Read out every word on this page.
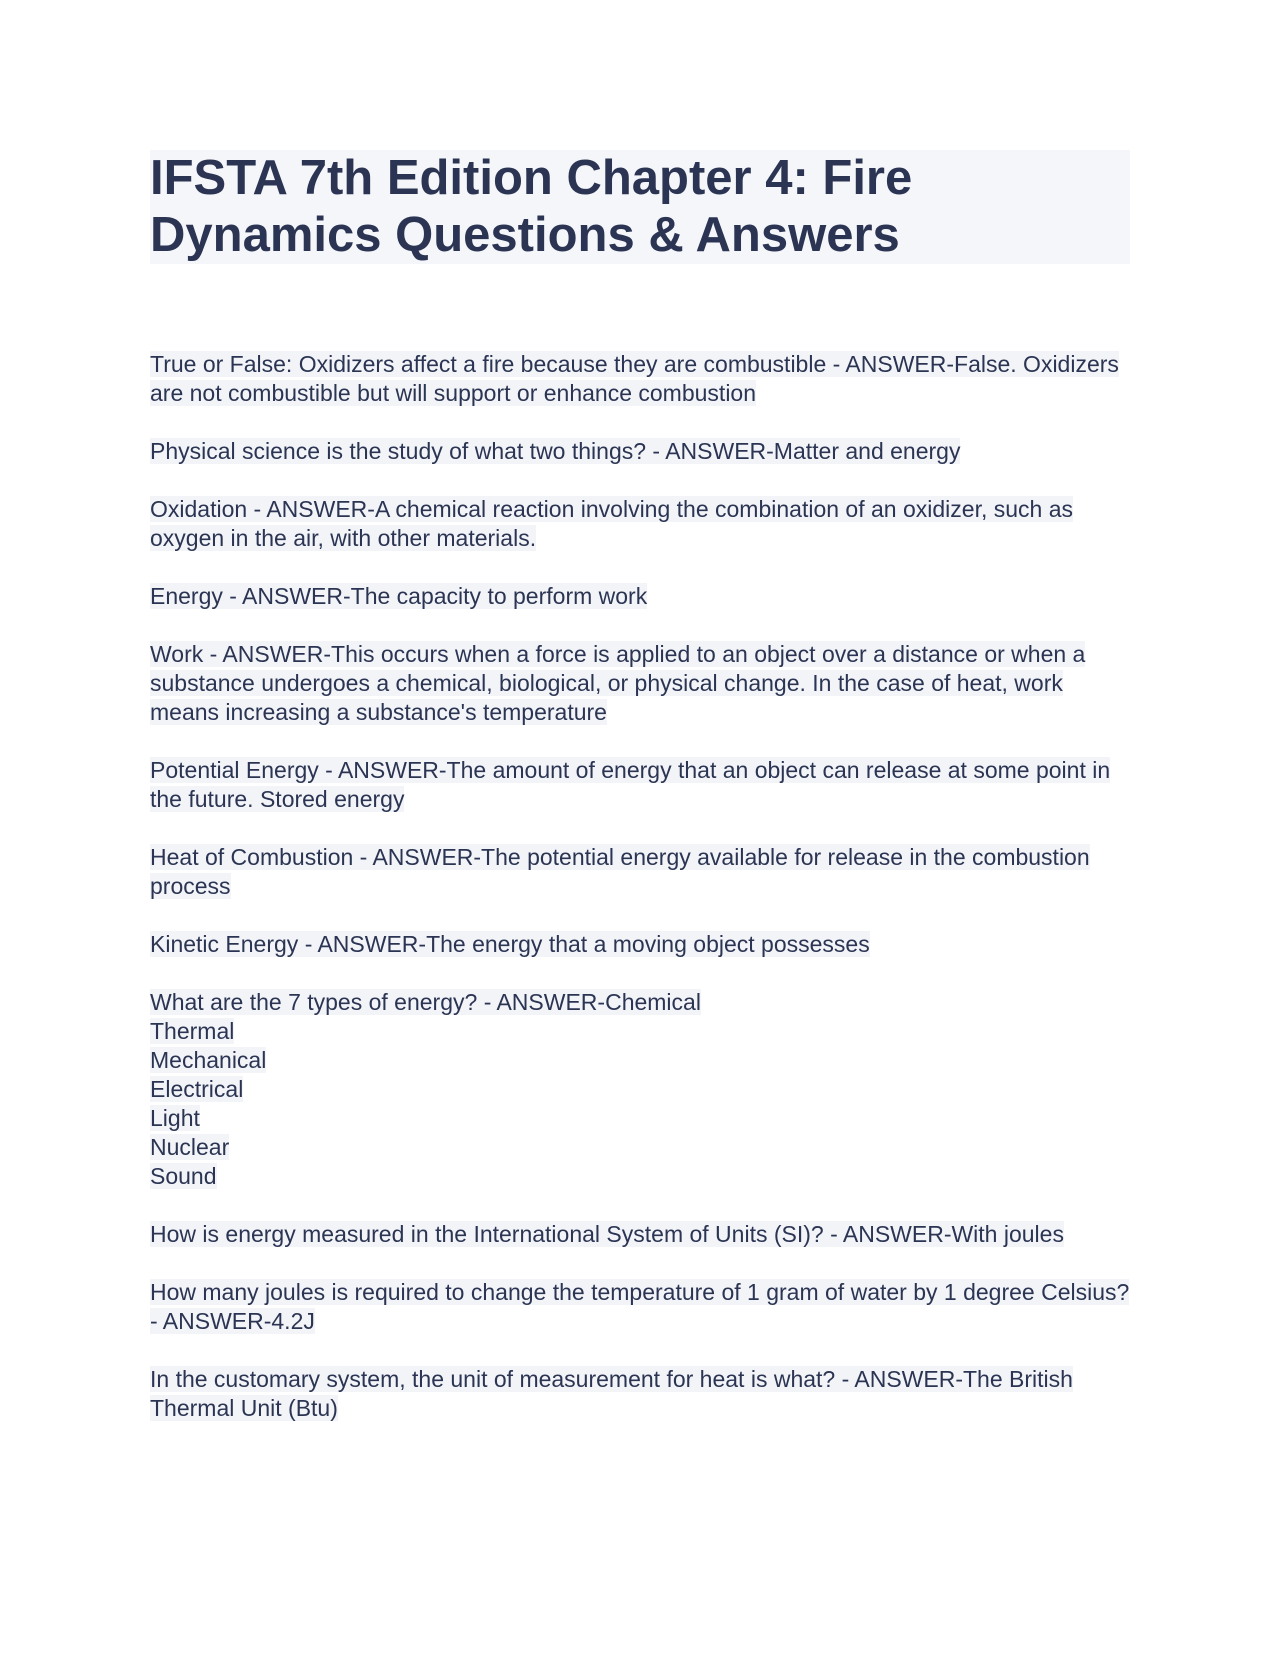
IFSTA 7th Edition Chapter 4: Fire Dynamics Questions & Answers

True or False: Oxidizers affect a fire because they are combustible - ANSWER-False. Oxidizers are not combustible but will support or enhance combustion

Physical science is the study of what two things? - ANSWER-Matter and energy

Oxidation - ANSWER-A chemical reaction involving the combination of an oxidizer, such as oxygen in the air, with other materials.

Energy - ANSWER-The capacity to perform work

Work - ANSWER-This occurs when a force is applied to an object over a distance or when a substance undergoes a chemical, biological, or physical change. In the case of heat, work means increasing a substance's temperature

Potential Energy - ANSWER-The amount of energy that an object can release at some point in the future. Stored energy

Heat of Combustion - ANSWER-The potential energy available for release in the combustion process

Kinetic Energy - ANSWER-The energy that a moving object possesses

What are the 7 types of energy? - ANSWER-Chemical
Thermal
Mechanical
Electrical
Light
Nuclear
Sound

How is energy measured in the International System of Units (SI)? - ANSWER-With joules

How many joules is required to change the temperature of 1 gram of water by 1 degree Celsius? - ANSWER-4.2J

In the customary system, the unit of measurement for heat is what? - ANSWER-The British Thermal Unit (Btu)
